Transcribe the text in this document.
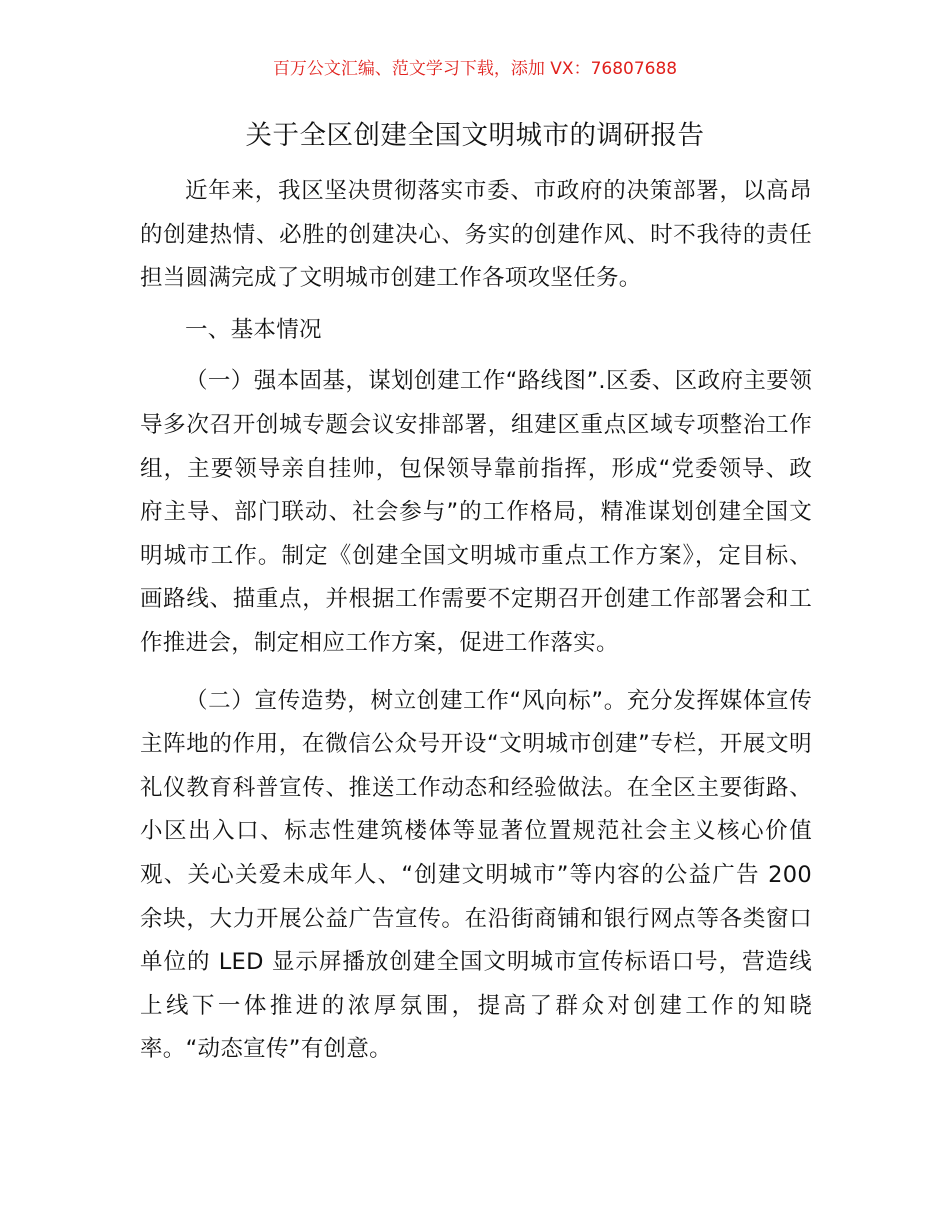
百万公文汇编、范文学习下载，添加 VX：76807688

关于全区创建全国文明城市的调研报告

近年来，我区坚决贯彻落实市委、市政府的决策部署，以高昂的创建热情、必胜的创建决心、务实的创建作风、时不我待的责任担当圆满完成了文明城市创建工作各项攻坚任务。

一、基本情况

（一）强本固基，谋划创建工作“路线图”.区委、区政府主要领导多次召开创城专题会议安排部署，组建区重点区域专项整治工作组，主要领导亲自挂帅，包保领导靠前指挥，形成“党委领导、政府主导、部门联动、社会参与”的工作格局，精准谋划创建全国文明城市工作。制定《创建全国文明城市重点工作方案》，定目标、画路线、描重点，并根据工作需要不定期召开创建工作部署会和工作推进会，制定相应工作方案，促进工作落实。

（二）宣传造势，树立创建工作“风向标”。充分发挥媒体宣传主阵地的作用，在微信公众号开设“文明城市创建”专栏，开展文明礼仪教育科普宣传、推送工作动态和经验做法。在全区主要街路、小区出入口、标志性建筑楼体等显著位置规范社会主义核心价值观、关心关爱未成年人、“创建文明城市”等内容的公益广告 200 余块，大力开展公益广告宣传。在沿街商铺和银行网点等各类窗口单位的 LED 显示屏播放创建全国文明城市宣传标语口号，营造线上线下一体推进的浓厚氛围，提高了群众对创建工作的知晓率。“动态宣传”有创意。
